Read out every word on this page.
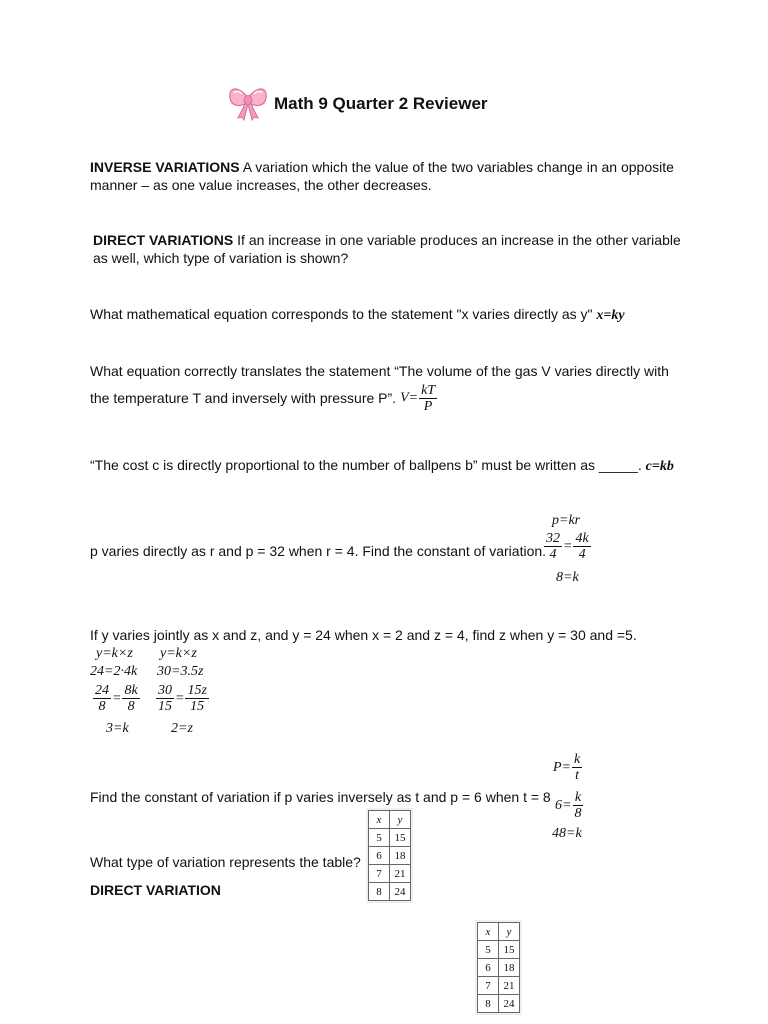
Math 9 Quarter 2 Reviewer
INVERSE VARIATIONS A variation which the value of the two variables change in an opposite manner – as one value increases, the other decreases.
DIRECT VARIATIONS If an increase in one variable produces an increase in the other variable as well, which type of variation is shown?
What mathematical equation corresponds to the statement "x varies directly as y" x=ky
What equation correctly translates the statement “The volume of the gas V varies directly with
the temperature T and inversely with pressure P”. $V= \frac{kT}{P}$
“The cost c is directly proportional to the number of ballpens b” must be written as _____. c=kb
p=kr
$\frac{32}{4} = \frac{4k}{4}$
p varies directly as r and p = 32 when r = 4. Find the constant of variation.
8=k
If y varies jointly as x and z, and y = 24 when x = 2 and z = 4, find z when y = 30 and =5.
y=k×z y=k×z
24=2·4k 30=3.5z
$\frac{24}{8} = \frac{8k}{8} \frac{30}{15} = \frac{15z}{15}$
3=k	2=z
$P= \frac{k}{t}$
Find the constant of variation if p varies inversely as t and p = 6 when t = 8 $6= \frac{k}{8}$
48=k
What type of variation represents the table?
DIRECT VARIATION
x	y
5	15
6	18
7	21
8	24
x	y
5	15
6	18
7	21
8	24
